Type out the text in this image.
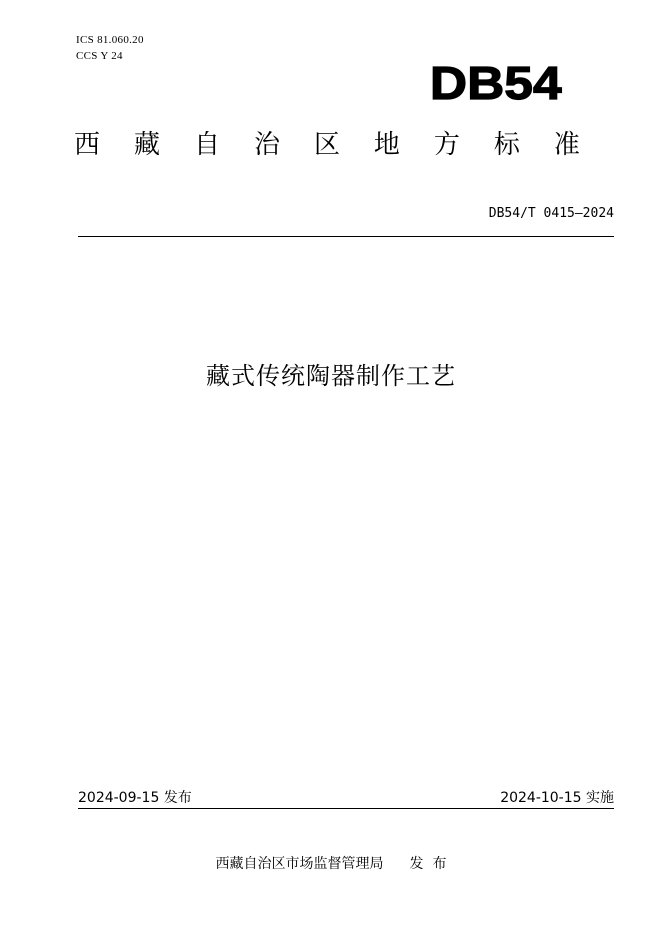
ICS 81.060.20
CCS Y 24
DB54
西 藏 自 治 区 地 方 标 准
DB54/T 0415—2024
藏式传统陶器制作工艺
2024-09-15 发布	2024-10-15 实施
西藏自治区市场监督管理局 发  布
